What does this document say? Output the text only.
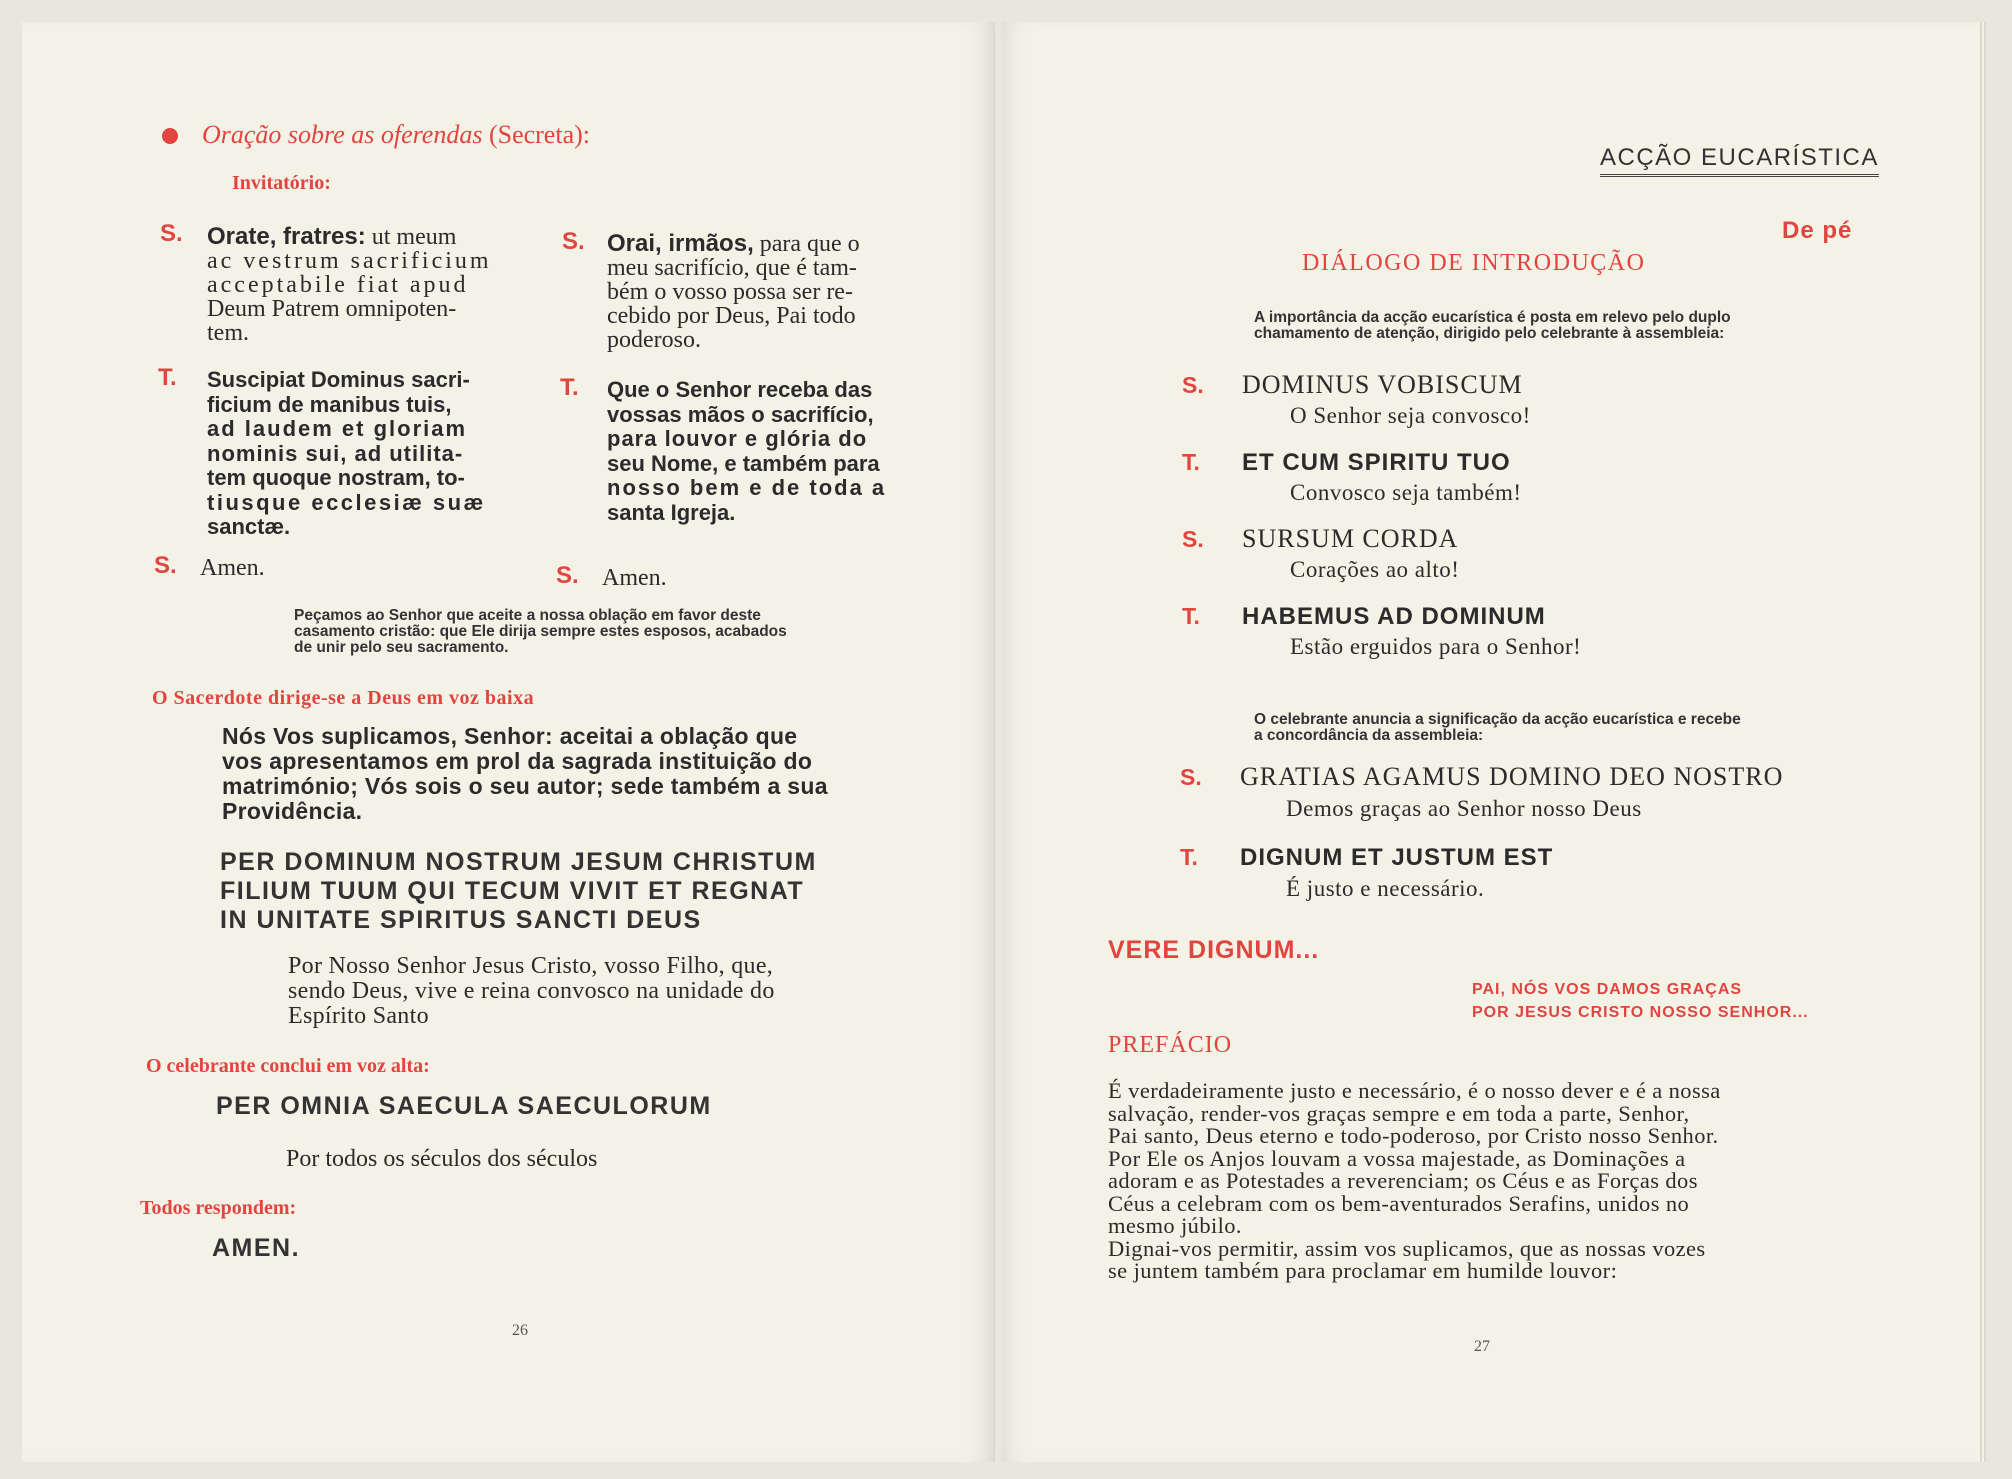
Oração sobre as oferendas (Secreta):
Invitatório:
S. Orate, fratres: ut meum
ac vestrum sacrificium
acceptabile fiat apud
Deum Patrem omnipoten-
tem.
T. Suscipiat Dominus sacri-
ficium de manibus tuis,
ad laudem et gloriam
nominis sui, ad utilita-
tem quoque nostram, to-
tiusque ecclesiæ suæ
sanctæ.
S. Amen.
S. Orai, irmãos, para que o
meu sacrifício, que é tam-
bém o vosso possa ser re-
cebido por Deus, Pai todo
poderoso.
T. Que o Senhor receba das
vossas mãos o sacrifício,
para louvor e glória do
seu Nome, e também para
nosso bem e de toda a
santa Igreja.
S. Amen.
Peçamos ao Senhor que aceite a nossa oblação em favor deste
casamento cristão: que Ele dirija sempre estes esposos, acabados
de unir pelo seu sacramento.
O Sacerdote dirige-se a Deus em voz baixa
Nós Vos suplicamos, Senhor: aceitai a oblação que
vos apresentamos em prol da sagrada instituição do
matrimónio; Vós sois o seu autor; sede também a sua
Providência.
PER DOMINUM NOSTRUM JESUM CHRISTUM
FILIUM TUUM QUI TECUM VIVIT ET REGNAT
IN UNITATE SPIRITUS SANCTI DEUS
Por Nosso Senhor Jesus Cristo, vosso Filho, que,
sendo Deus, vive e reina convosco na unidade do
Espírito Santo
O celebrante conclui em voz alta:
PER OMNIA SAECULA SAECULORUM
Por todos os séculos dos séculos
Todos respondem:
AMEN.
26
ACÇÃO EUCARÍSTICA
De pé
DIÁLOGO DE INTRODUÇÃO
A importância da acção eucarística é posta em relevo pelo duplo
chamamento de atenção, dirigido pelo celebrante à assembleia:
S. DOMINUS VOBISCUM
O Senhor seja convosco!
T. ET CUM SPIRITU TUO
Convosco seja também!
S. SURSUM CORDA
Corações ao alto!
T. HABEMUS AD DOMINUM
Estão erguidos para o Senhor!
O celebrante anuncia a significação da acção eucarística e recebe
a concordância da assembleia:
S. GRATIAS AGAMUS DOMINO DEO NOSTRO
Demos graças ao Senhor nosso Deus
T. DIGNUM ET JUSTUM EST
É justo e necessário.
VERE DIGNUM...
PAI, NÓS VOS DAMOS GRAÇAS
POR JESUS CRISTO NOSSO SENHOR...
PREFÁCIO
É verdadeiramente justo e necessário, é o nosso dever e é a nossa
salvação, render-vos graças sempre e em toda a parte, Senhor,
Pai santo, Deus eterno e todo-poderoso, por Cristo nosso Senhor.
Por Ele os Anjos louvam a vossa majestade, as Dominações a
adoram e as Potestades a reverenciam; os Céus e as Forças dos
Céus a celebram com os bem-aventurados Serafins, unidos no
mesmo júbilo.
Dignai-vos permitir, assim vos suplicamos, que as nossas vozes
se juntem também para proclamar em humilde louvor:
27
